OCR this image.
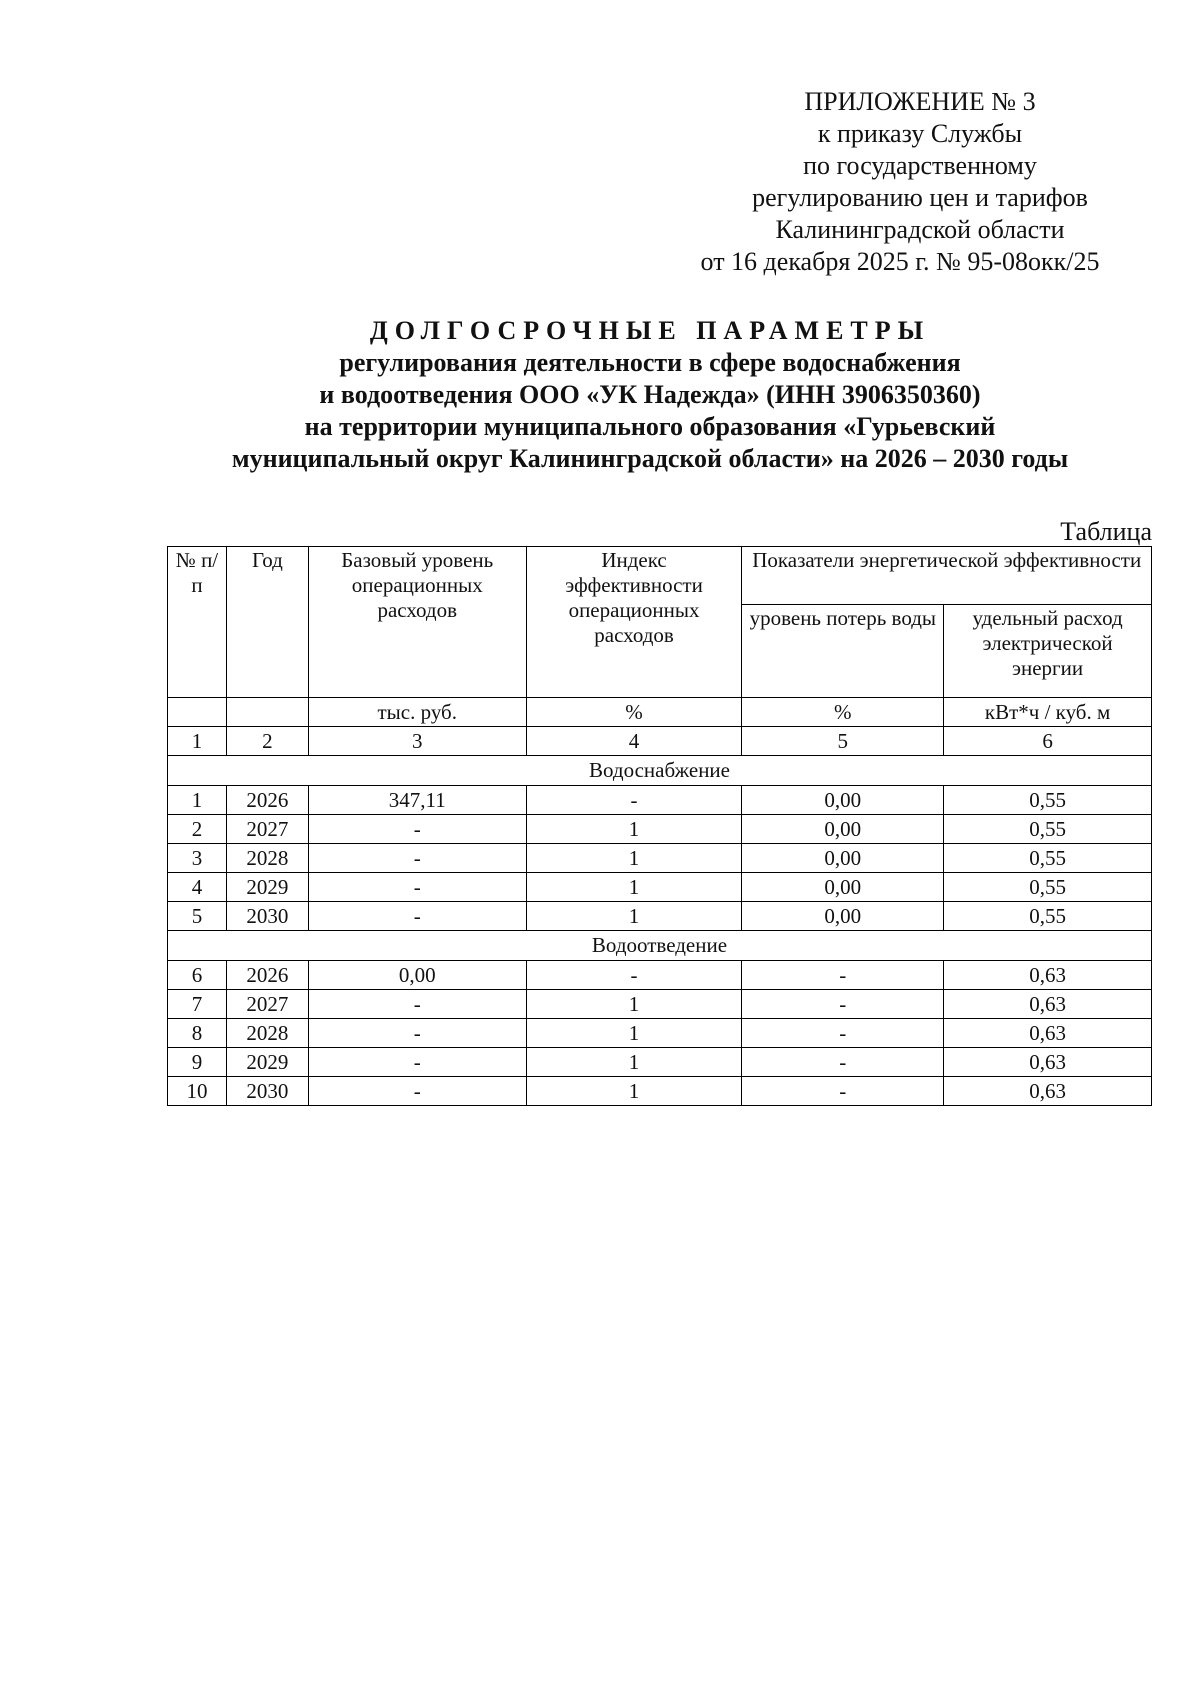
ПРИЛОЖЕНИЕ № 3
к приказу Службы
по государственному
регулированию цен и тарифов
Калининградской области
от 16 декабря 2025 г. № 95-08окк/25
ДОЛГОСРОЧНЫЕ ПАРАМЕТРЫ
регулирования деятельности в сфере водоснабжения
и водоотведения ООО «УК Надежда» (ИНН 3906350360)
на территории муниципального образования «Гурьевский
муниципальный округ Калининградской области» на 2026 – 2030 годы
Таблица
№ п/п	Год	Базовый уровень операционных расходов	Индекс эффективности операционных расходов	Показатели энергетической эффективности	
				уровень потерь воды	удельный расход электрической энергии
		тыс. руб.	%	%	кВт*ч / куб. м
1	2	3	4	5	6
Водоснабжение					
1	2026	347,11	-	0,00	0,55
2	2027	-	1	0,00	0,55
3	2028	-	1	0,00	0,55
4	2029	-	1	0,00	0,55
5	2030	-	1	0,00	0,55
Водоотведение					
6	2026	0,00	-	-	0,63
7	2027	-	1	-	0,63
8	2028	-	1	-	0,63
9	2029	-	1	-	0,63
10	2030	-	1	-	0,63
